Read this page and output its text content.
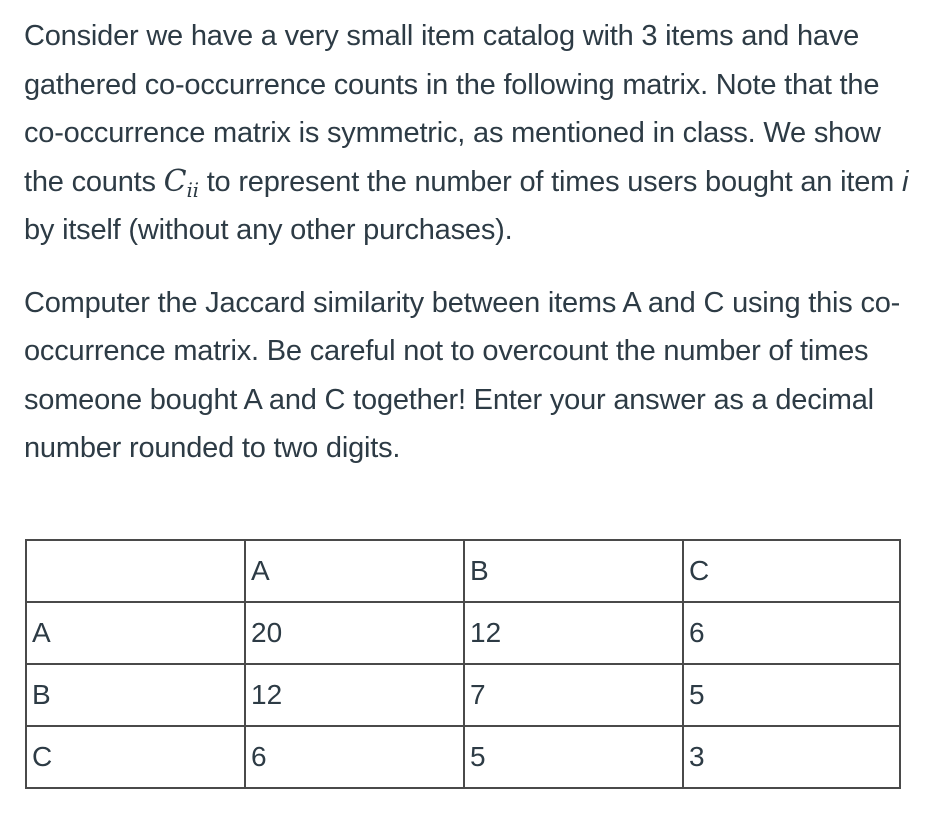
Consider we have a very small item catalog with 3 items and have gathered co-occurrence counts in the following matrix. Note that the co-occurrence matrix is symmetric, as mentioned in class. We show the counts $C_{ii}$ to represent the number of times users bought an item i by itself (without any other purchases).

Computer the Jaccard similarity between items A and C using this co-occurrence matrix. Be careful not to overcount the number of times someone bought A and C together! Enter your answer as a decimal number rounded to two digits.

	A	B	C
A	20	12	6
B	12	7	5
C	6	5	3
